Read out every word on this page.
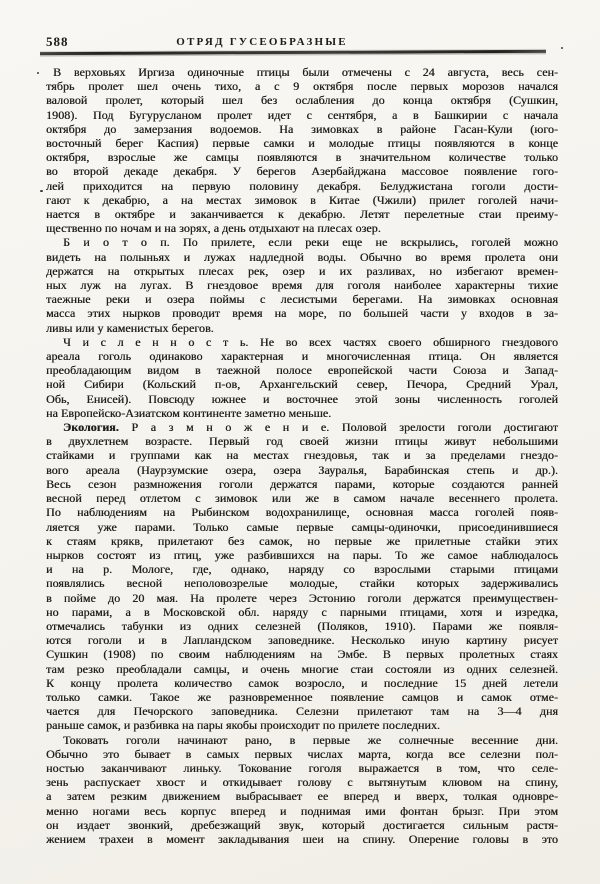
588	ОТРЯД ГУСЕОБРАЗНЫЕ
В верховьях Иргиза одиночные птицы были отмечены с 24 августа, весь сен-
тябрь пролет шел очень тихо, а с 9 октября после первых морозов начался
валовой пролет, который шел без ослабления до конца октября (Сушкин,
1908). Под Бугурусланом пролет идет с сентября, а в Башкирии с начала
октября до замерзания водоемов. На зимовках в районе Гасан-Кули (юго-
восточный берег Каспия) первые самки и молодые птицы появляются в конце
октября, взрослые же самцы появляются в значительном количестве только
во второй декаде декабря. У берегов Азербайджана массовое появление гого-
лей приходится на первую половину декабря. Белуджистана гоголи дости-
гают к декабрю, а на местах зимовок в Китае (Чжили) прилет гоголей начи-
нается в октябре и заканчивается к декабрю. Летят перелетные стаи преиму-
щественно по ночам и на зорях, а день отдыхают на плесах озер.
Б и о т о п. По прилете, если реки еще не вскрылись, гоголей можно
видеть на полыньях и лужах надледной воды. Обычно во время пролета они
держатся на открытых плесах рек, озер и их разливах, но избегают времен-
ных луж на лугах. В гнездовое время для гоголя наиболее характерны тихие
таежные реки и озера поймы с лесистыми берегами. На зимовках основная
масса этих нырков проводит время на море, по большей части у входов в за-
ливы или у каменистых берегов.
Ч и с л е н н о с т ь. Не во всех частях своего обширного гнездового
ареала гоголь одинаково характерная и многочисленная птица. Он является
преобладающим видом в таежной полосе европейской части Союза и Запад-
ной Сибири (Кольский п-ов, Архангельский север, Печора, Средний Урал,
Обь, Енисей). Повсюду южнее и восточнее этой зоны численность гоголей
на Европейско-Азиатском континенте заметно меньше.
Экология. Р а з м н о ж е н и е. Половой зрелости гоголи достигают
в двухлетнем возрасте. Первый год своей жизни птицы живут небольшими
стайками и группами как на местах гнездовья, так и за пределами гнездо-
вого ареала (Наурзумские озера, озера Зауралья, Барабинская степь и др.).
Весь сезон размножения гоголи держатся парами, которые создаются ранней
весной перед отлетом с зимовок или же в самом начале весеннего пролета.
По наблюдениям на Рыбинском водохранилище, основная масса гоголей появ-
ляется уже парами. Только самые первые самцы-одиночки, присоединившиеся
к стаям крякв, прилетают без самок, но первые же прилетные стайки этих
нырков состоят из птиц, уже разбившихся на пары. То же самое наблюдалось
и на р. Мологе, где, однако, наряду со взрослыми старыми птицами
появлялись весной неполовозрелые молодые, стайки которых задерживались
в пойме до 20 мая. На пролете через Эстонию гоголи держатся преимуществен-
но парами, а в Московской обл. наряду с парными птицами, хотя и изредка,
отмечались табунки из одних селезней (Поляков, 1910). Парами же появля-
ются гоголи и в Лапландском заповеднике. Несколько иную картину рисует
Сушкин (1908) по своим наблюдениям на Эмбе. В первых пролетных стаях
там резко преобладали самцы, и очень многие стаи состояли из одних селезней.
К концу пролета количество самок возросло, и последние 15 дней летели
только самки. Такое же разновременное появление самцов и самок отме-
чается для Печорского заповедника. Селезни прилетают там на 3—4 дня
раньше самок, и разбивка на пары якобы происходит по прилете последних.
Токовать гоголи начинают рано, в первые же солнечные весенние дни.
Обычно это бывает в самых первых числах марта, когда все селезни пол-
ностью заканчивают линьку. Токование гоголя выражается в том, что селе-
зень распускает хвост и откидывает голову с вытянутым клювом на спину,
а затем резким движением выбрасывает ее вперед и вверх, толкая одновре-
менно ногами весь корпус вперед и поднимая ими фонтан брызг. При этом
он издает звонкий, дребезжащий звук, который достигается сильным растя-
жением трахеи в момент закладывания шеи на спину. Оперение головы в это
